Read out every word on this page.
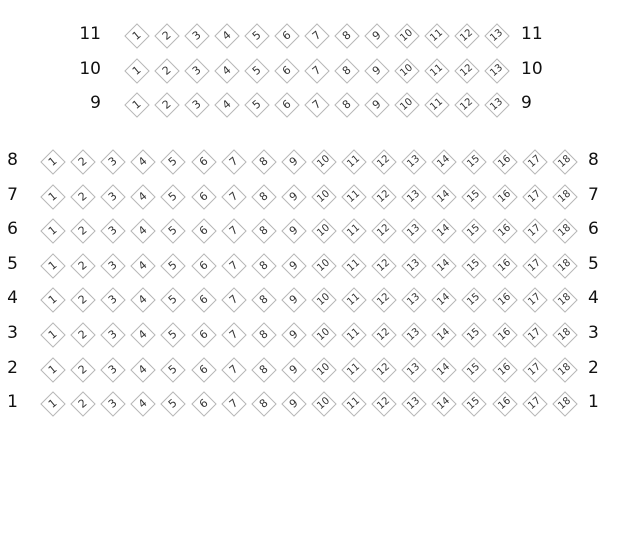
11	1	2	3	4	5	6	7	8	9	10	11	12	13 11
10	1	2	3	4	5	6	7	8	9	10	11	12	13 10
9	1	2	3	4	5	6	7	8	9	10	11	12	13 9
8	1	2	3	4	5	6	7	8	9	10	11	12	13	14	15	16	17	18 8
7	1	2	3	4	5	6	7	8	9	10	11	12	13	14	15	16	17	18 7
6	1	2	3	4	5	6	7	8	9	10	11	12	13	14	15	16	17	18 6
5	1	2	3	4	5	6	7	8	9	10	11	12	13	14	15	16	17	18 5
4	1	2	3	4	5	6	7	8	9	10	11	12	13	14	15	16	17	18 4
3	1	2	3	4	5	6	7	8	9	10	11	12	13	14	15	16	17	18 3
2	1	2	3	4	5	6	7	8	9	10	11	12	13	14	15	16	17	18 2
1	1	2	3	4	5	6	7	8	9	10	11	12	13	14	15	16	17	18 1
